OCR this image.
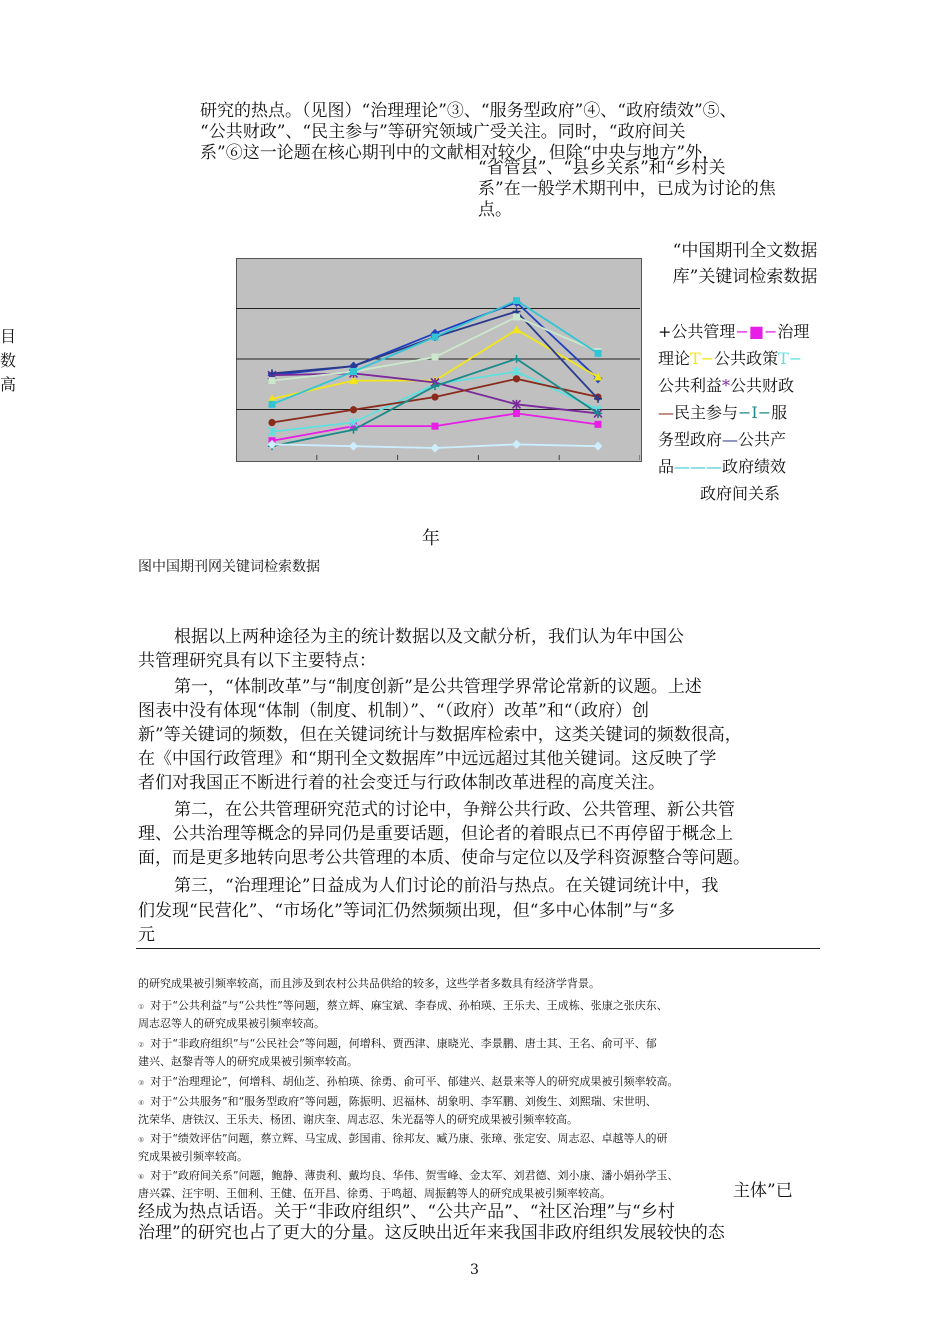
研究的热点。（见图）“治理理论”③、“服务型政府”④、“政府绩效”⑤、
“公共财政”、“民主参与”等研究领域广受关注。同时，“政府间关
系”⑥这一论题在核心期刊中的文献相对较少，但除“中央与地方”外，
“省管县”、“县乡关系”和“乡村关
系”在一般学术期刊中，已成为讨论的焦
点。
目
数
高
“中国期刊全文数据库”关键词检索数据
+公共管理−■−治理
理论T−公共政策T−
公共利益*公共财政
—民主参与−I−服
务型政府—公共产
品———政府绩效
政府间关系
年
图中国期刊网关键词检索数据
根据以上两种途径为主的统计数据以及文献分析，我们认为年中国公
共管理研究具有以下主要特点：
第一，“体制改革”与“制度创新”是公共管理学界常论常新的议题。上述
图表中没有体现“体制（制度、机制）”、“（政府）改革”和“（政府）创
新”等关键词的频数，但在关键词统计与数据库检索中，这类关键词的频数很高，
在《中国行政管理》和“期刊全文数据库”中远远超过其他关键词。这反映了学
者们对我国正不断进行着的社会变迁与行政体制改革进程的高度关注。
第二，在公共管理研究范式的讨论中，争辩公共行政、公共管理、新公共管
理、公共治理等概念的异同仍是重要话题，但论者的着眼点已不再停留于概念上
面，而是更多地转向思考公共管理的本质、使命与定位以及学科资源整合等问题。
第三，“治理理论”日益成为人们讨论的前沿与热点。在关键词统计中，我
们发现“民营化”、“市场化”等词汇仍然频频出现，但“多中心体制”与“多
元
的研究成果被引频率较高，而且涉及到农村公共品供给的较多，这些学者多数具有经济学背景。
① 对于“公共利益”与“公共性”等问题，蔡立辉、麻宝斌、李春成、孙柏瑛、王乐夫、王成栋、张康之张庆东、
周志忍等人的研究成果被引频率较高。
② 对于“非政府组织”与“公民社会”等问题，何增科、贾西津、康晓光、李景鹏、唐士其、王名、俞可平、郁
建兴、赵黎青等人的研究成果被引频率较高。
③ 对于“治理理论”，何增科、胡仙芝、孙柏瑛、徐勇、俞可平、郁建兴、赵景来等人的研究成果被引频率较高。
④ 对于“公共服务”和“服务型政府”等问题，陈振明、迟福林、胡象明、李军鹏、刘俊生、刘熙瑞、宋世明、
沈荣华、唐铁汉、王乐夫、杨团、谢庆奎、周志忍、朱光磊等人的研究成果被引频率较高。
⑤ 对于“绩效评估”问题，蔡立辉、马宝成、彭国甫、徐邦友、臧乃康、张璋、张定安、周志忍、卓越等人的研
究成果被引频率较高。
⑥ 对于“政府间关系”问题，鲍静、薄贵利、戴均良、华伟、贺雪峰、金太军、刘君德、刘小康、潘小娟孙学玉、
唐兴霖、汪宇明、王佃利、王健、伍开昌、徐勇、于鸣超、周振鹤等人的研究成果被引频率较高。	主体”已
经成为热点话语。关于“非政府组织”、“公共产品”、“社区治理”与“乡村
治理”的研究也占了更大的分量。这反映出近年来我国非政府组织发展较快的态
3
